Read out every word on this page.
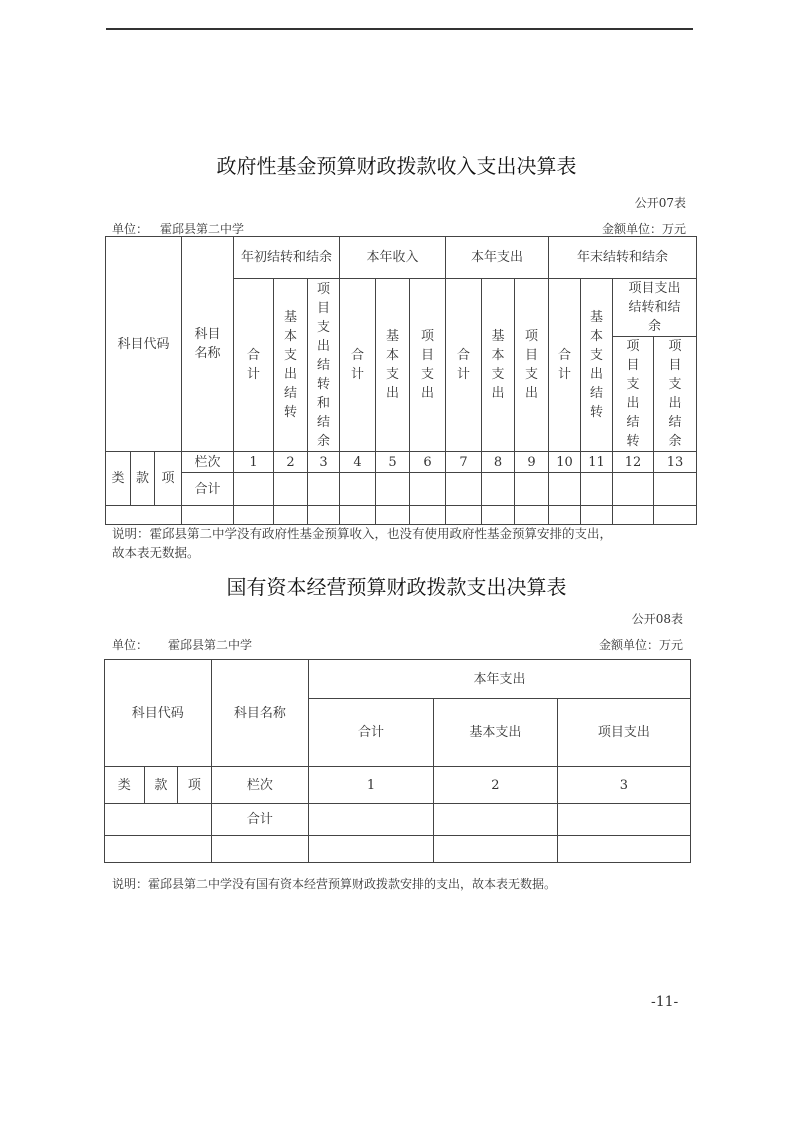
政府性基金预算财政拨款收入支出决算表
公开07表
单位： 霍邱县第二中学	金额单位：万元
科目代码			科目名称	年初结转和结余			本年收入			本年支出			年末结转和结余			

				合计	基本支出结转	项目支出结转和结余	合计	基本支出	项目支出	合计	基本支出	项目支出	合计	基本支出结转	项目支出结转和结余	

															项目支出结转	项目支出结余

类	款	项	栏次	1	2	3	4	5	6	7	8	9	10	11	12	13
			合计													

说明：霍邱县第二中学没有政府性基金预算收入，也没有使用政府性基金预算安排的支出，
故本表无数据。
国有资本经营预算财政拨款支出决算表
公开08表
单位： 霍邱县第二中学	金额单位：万元
科目代码			科目名称	本年支出		
				合计	基本支出	项目支出
类	款	项	栏次	1	2	3
			合计			

说明：霍邱县第二中学没有国有资本经营预算财政拨款安排的支出，故本表无数据。
-11-
